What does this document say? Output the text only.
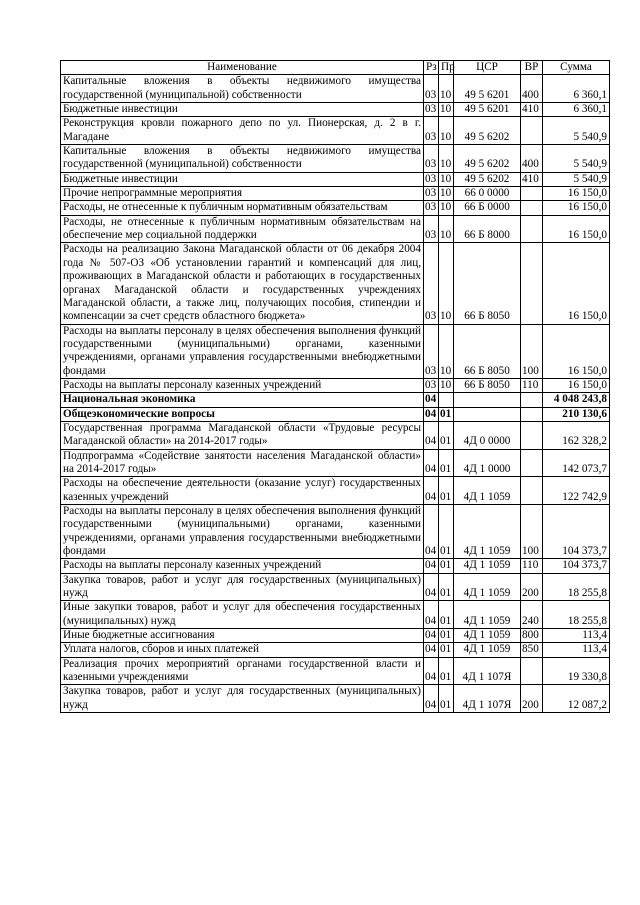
Наименование	Рз	Пр	ЦСР	ВР	Сумма
Капитальные вложения в объекты недвижимого имущества государственной (муниципальной) собственности	03	10	49 5 6201	400	6 360,1
Бюджетные инвестиции	03	10	49 5 6201	410	6 360,1
Реконструкция кровли пожарного депо по ул. Пионерская, д. 2 в г. Магадане	03	10	49 5 6202		5 540,9
Капитальные вложения в объекты недвижимого имущества государственной (муниципальной) собственности	03	10	49 5 6202	400	5 540,9
Бюджетные инвестиции	03	10	49 5 6202	410	5 540,9
Прочие непрограммные мероприятия	03	10	66 0 0000		16 150,0
Расходы, не отнесенные к публичным нормативным обязательствам	03	10	66 Б 0000		16 150,0
Расходы, не отнесенные к публичным нормативным обязательствам на обеспечение мер социальной поддержки	03	10	66 Б 8000		16 150,0
Расходы на реализацию Закона Магаданской области от 06 декабря 2004 года № 507-ОЗ «Об установлении гарантий и компенсаций для лиц, проживающих в Магаданской области и работающих в государственных органах Магаданской области и государственных учреждениях Магаданской области, а также лиц, получающих пособия, стипендии и компенсации за счет средств областного бюджета»	03	10	66 Б 8050		16 150,0
Расходы на выплаты персоналу в целях обеспечения выполнения функций государственными (муниципальными) органами, казенными учреждениями, органами управления государственными внебюджетными фондами	03	10	66 Б 8050	100	16 150,0
Расходы на выплаты персоналу казенных учреждений	03	10	66 Б 8050	110	16 150,0
Национальная экономика	04				4 048 243,8
Общеэкономические вопросы	04	01			210 130,6
Государственная программа Магаданской области «Трудовые ресурсы Магаданской области» на 2014-2017 годы»	04	01	4Д 0 0000		162 328,2
Подпрограмма «Содействие занятости населения Магаданской области» на 2014-2017 годы»	04	01	4Д 1 0000		142 073,7
Расходы на обеспечение деятельности (оказание услуг) государственных казенных учреждений	04	01	4Д 1 1059		122 742,9
Расходы на выплаты персоналу в целях обеспечения выполнения функций государственными (муниципальными) органами, казенными учреждениями, органами управления государственными внебюджетными фондами	04	01	4Д 1 1059	100	104 373,7
Расходы на выплаты персоналу казенных учреждений	04	01	4Д 1 1059	110	104 373,7
Закупка товаров, работ и услуг для государственных (муниципальных) нужд	04	01	4Д 1 1059	200	18 255,8
Иные закупки товаров, работ и услуг для обеспечения государственных (муниципальных) нужд	04	01	4Д 1 1059	240	18 255,8
Иные бюджетные ассигнования	04	01	4Д 1 1059	800	113,4
Уплата налогов, сборов и иных платежей	04	01	4Д 1 1059	850	113,4
Реализация прочих мероприятий органами государственной власти и казенными учреждениями	04	01	4Д 1 107Я		19 330,8
Закупка товаров, работ и услуг для государственных (муниципальных) нужд	04	01	4Д 1 107Я	200	12 087,2
